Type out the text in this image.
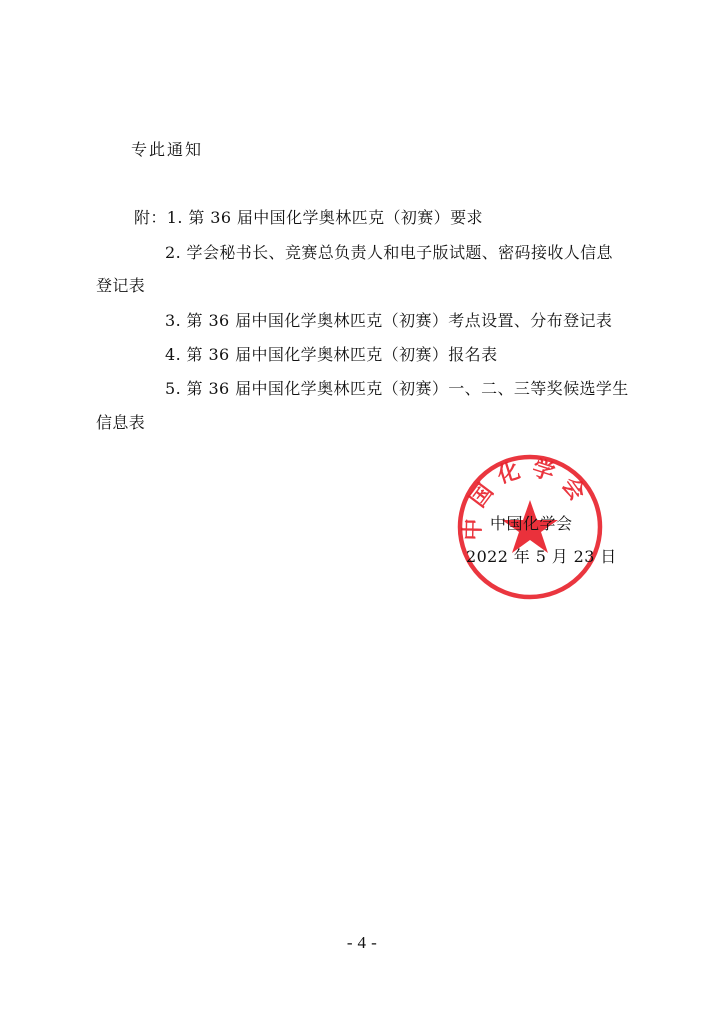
专此通知
附：1. 第 36 届中国化学奥林匹克（初赛）要求
2. 学会秘书长、竞赛总负责人和电子版试题、密码接收人信息
登记表
3. 第 36 届中国化学奥林匹克（初赛）考点设置、分布登记表
4. 第 36 届中国化学奥林匹克（初赛）报名表
5. 第 36 届中国化学奥林匹克（初赛）一、二、三等奖候选学生
信息表
中国化学会
中国化学会
2022 年 5 月 23 日
- 4 -
